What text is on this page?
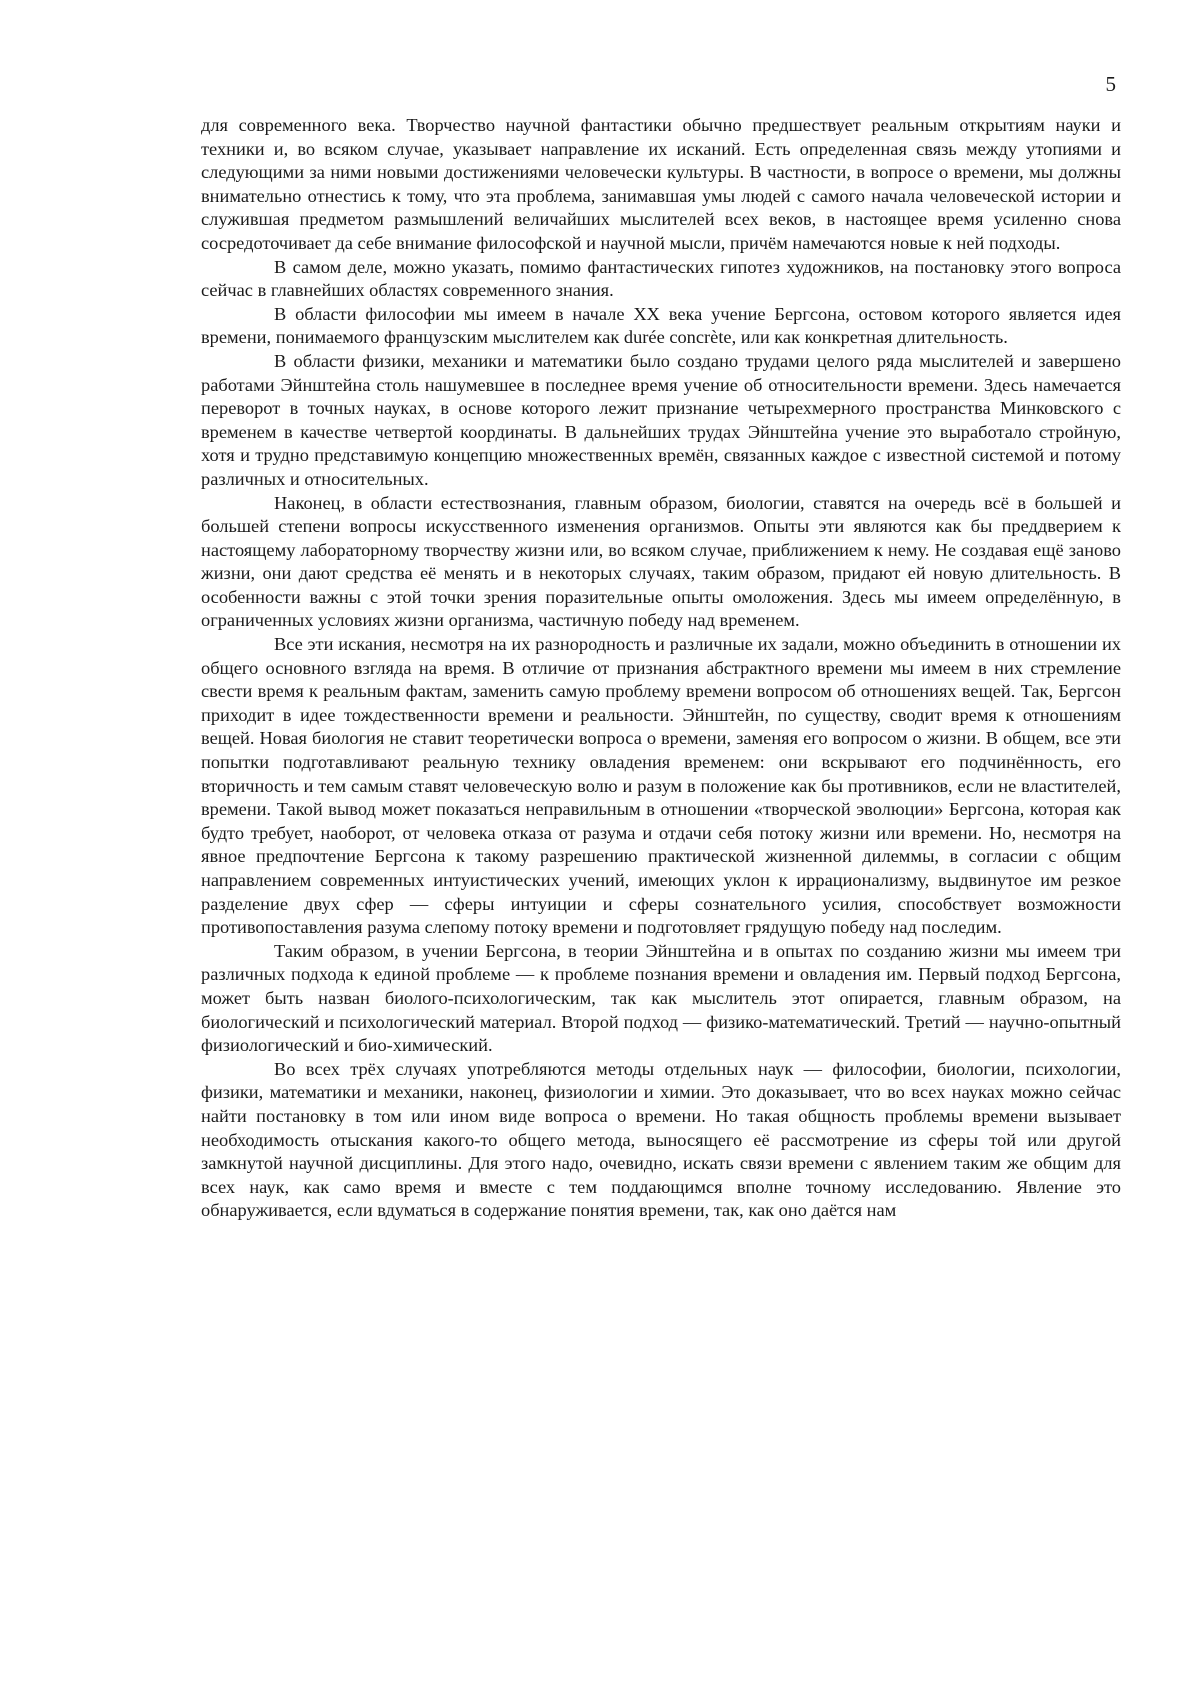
5

для современного века. Творчество научной фантастики обычно предшествует реальным открытиям науки и техники и, во всяком случае, указывает направление их исканий. Есть определенная связь между утопиями и следующими за ними новыми достижениями человечески культуры. В частности, в вопросе о времени, мы должны внимательно отнестись к тому, что эта проблема, занимавшая умы людей с самого начала человеческой истории и служившая предметом размышлений величайших мыслителей всех веков, в настоящее время усиленно снова сосредоточивает да себе внимание философской и научной мысли, причём намечаются новые к ней подходы.

В самом деле, можно указать, помимо фантастических гипотез художников, на постановку этого вопроса сейчас в главнейших областях современного знания.

В области философии мы имеем в начале XX века учение Бергсона, остовом которого является идея времени, понимаемого французским мыслителем как durée concrète, или как конкретная длительность.

В области физики, механики и математики было создано трудами целого ряда мыслителей и завершено работами Эйнштейна столь нашумевшее в последнее время учение об относительности времени. Здесь намечается переворот в точных науках, в основе которого лежит признание четырехмерного пространства Минковского с временем в качестве четвертой координаты. В дальнейших трудах Эйнштейна учение это выработало стройную, хотя и трудно представимую концепцию множественных времён, связанных каждое с известной системой и потому различных и относительных.

Наконец, в области естествознания, главным образом, биологии, ставятся на очередь всё в большей и большей степени вопросы искусственного изменения организмов. Опыты эти являются как бы преддверием к настоящему лабораторному творчеству жизни или, во всяком случае, приближением к нему. Не создавая ещё заново жизни, они дают средства её менять и в некоторых случаях, таким образом, придают ей новую длительность. В особенности важны с этой точки зрения поразительные опыты омоложения. Здесь мы имеем определённую, в ограниченных условиях жизни организма, частичную победу над временем.

Все эти искания, несмотря на их разнородность и различные их задали, можно объединить в отношении их общего основного взгляда на время. В отличие от признания абстрактного времени мы имеем в них стремление свести время к реальным фактам, заменить самую проблему времени вопросом об отношениях вещей. Так, Бергсон приходит в идее тождественности времени и реальности. Эйнштейн, по существу, сводит время к отношениям вещей. Новая биология не ставит теоретически вопроса о времени, заменяя его вопросом о жизни. В общем, все эти попытки подготавливают реальную технику овладения временем: они вскрывают его подчинённость, его вторичность и тем самым ставят человеческую волю и разум в положение как бы противников, если не властителей, времени. Такой вывод может показаться неправильным в отношении «творческой эволюции» Бергсона, которая как будто требует, наоборот, от человека отказа от разума и отдачи себя потоку жизни или времени. Но, несмотря на явное предпочтение Бергсона к такому разрешению практической жизненной дилеммы, в согласии с общим направлением современных интуистических учений, имеющих уклон к иррационализму, выдвинутое им резкое разделение двух сфер — сферы интуиции и сферы сознательного усилия, способствует возможности противопоставления разума слепому потоку времени и подготовляет грядущую победу над последим.

Таким образом, в учении Бергсона, в теории Эйнштейна и в опытах по созданию жизни мы имеем три различных подхода к единой проблеме — к проблеме познания времени и овладения им. Первый подход Бергсона, может быть назван биолого-психологическим, так как мыслитель этот опирается, главным образом, на биологический и психологический материал. Второй подход — физико-математический. Третий — научно-опытный физиологический и био-химический.

Во всех трёх случаях употребляются методы отдельных наук — философии, биологии, психологии, физики, математики и механики, наконец, физиологии и химии. Это доказывает, что во всех науках можно сейчас найти постановку в том или ином виде вопроса о времени. Но такая общность проблемы времени вызывает необходимость отыскания какого-то общего метода, выносящего её рассмотрение из сферы той или другой замкнутой научной дисциплины. Для этого надо, очевидно, искать связи времени с явлением таким же общим для всех наук, как само время и вместе с тем поддающимся вполне точному исследованию. Явление это обнаруживается, если вдуматься в содержание понятия времени, так, как оно даётся нам
